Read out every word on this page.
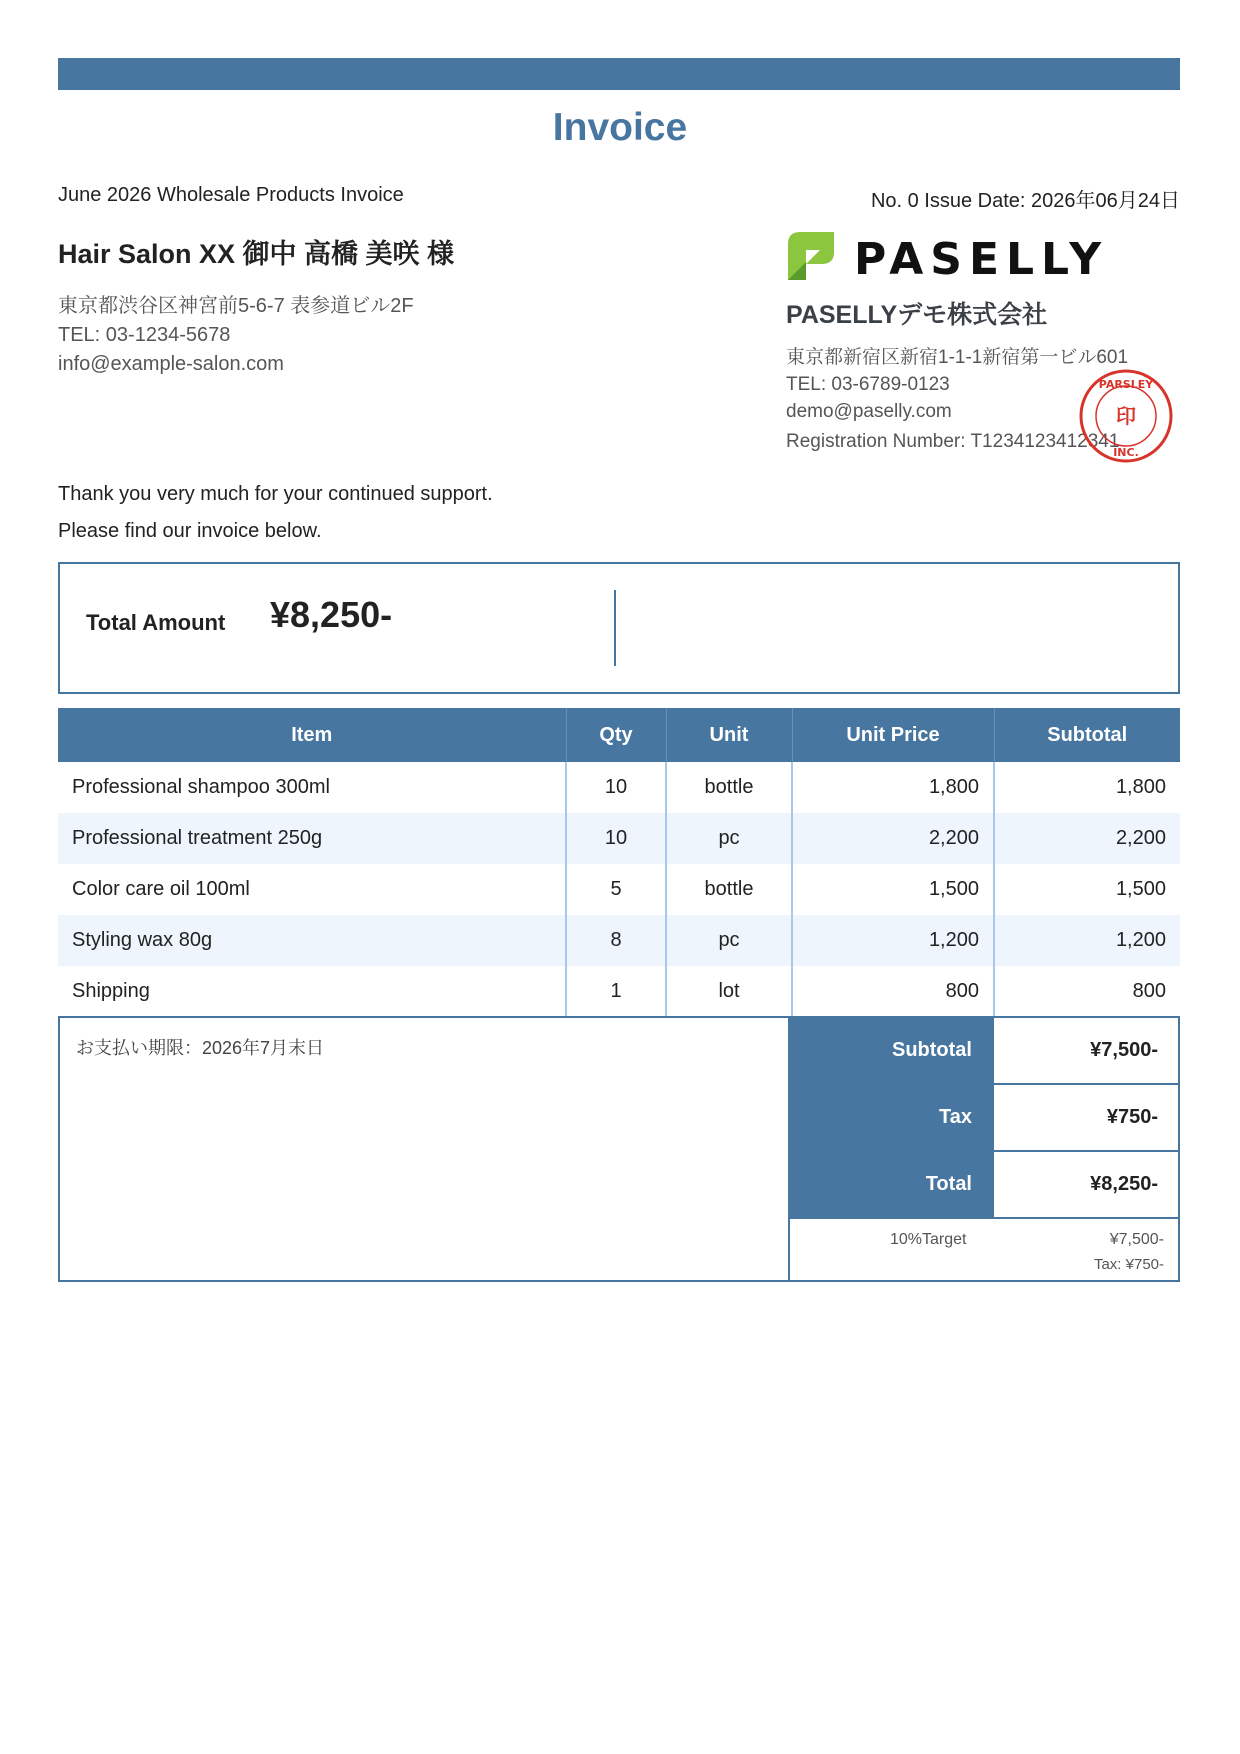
Invoice
June 2026 Wholesale Products Invoice	No. 0 Issue Date: 2026年06月24日
Hair Salon XX 御中 高橋 美咲 様
東京都渋谷区神宮前5-6-7 表参道ビル2F
TEL: 03-1234-5678
info@example-salon.com
PASELLY
PASELLYデモ株式会社
東京都新宿区新宿1-1-1新宿第一ビル601
TEL: 03-6789-0123
demo@paselly.com
Registration Number: T1234123412341
PARSLEY
INC.
印
Thank you very much for your continued support.
Please find our invoice below.
Total Amount ¥8,250-
Item	Qty	Unit	Unit Price	Subtotal
Professional shampoo 300ml	10	bottle	1,800	1,800
Professional treatment 250g	10	pc	2,200	2,200
Color care oil 100ml	5	bottle	1,500	1,500
Styling wax 80g	8	pc	1,200	1,200
Shipping	1	lot	800	800
お支払い期限：2026年7月末日	Subtotal	¥7,500-
Tax	¥750-
Total	¥8,250-
10%Target	¥7,500-
Tax: ¥750-
